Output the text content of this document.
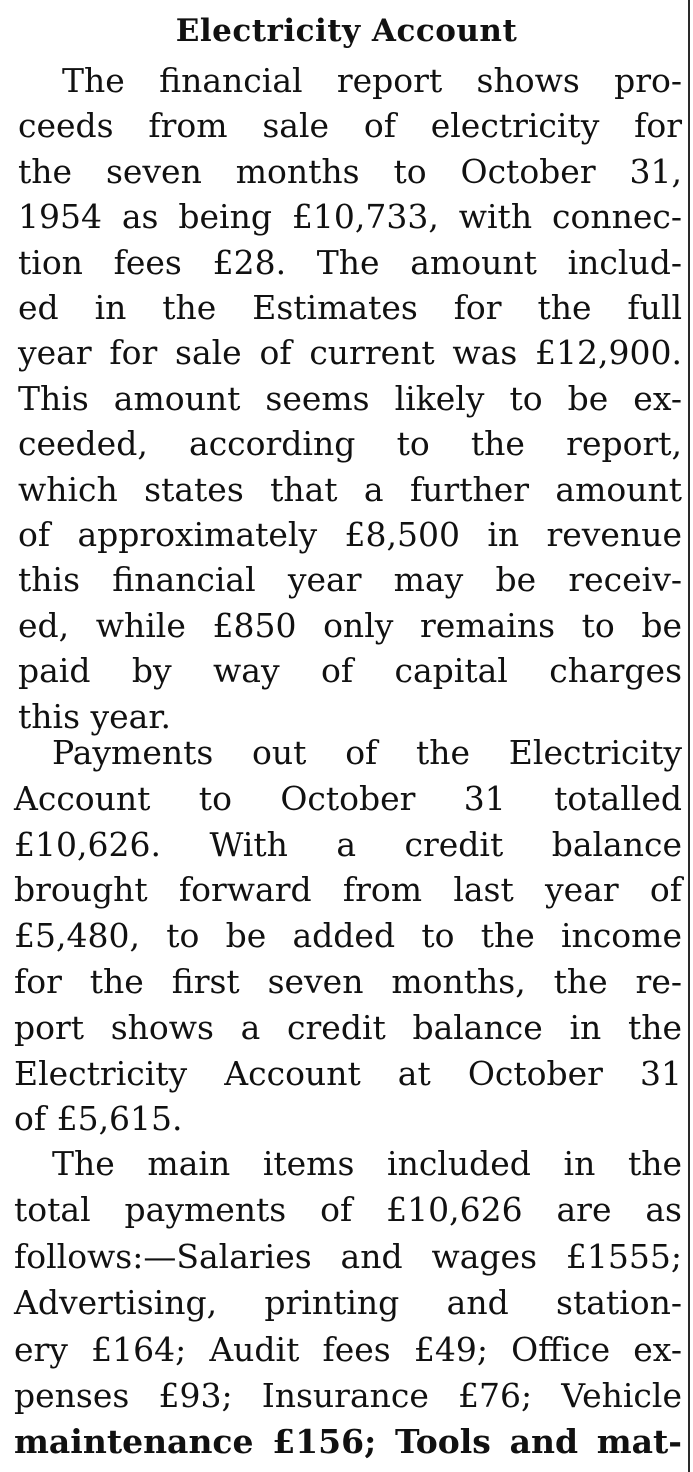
Electricity Account
The financial report shows pro-
ceeds from sale of electricity for
the seven months to October 31,
1954 as being £10,733, with connec-
tion fees £28. The amount includ-
ed in the Estimates for the full
year for sale of current was £12,900.
This amount seems likely to be ex-
ceeded, according to the report,
which states that a further amount
of approximately £8,500 in revenue
this financial year may be receiv-
ed, while £850 only remains to be
paid by way of capital charges
this year.
Payments out of the Electricity
Account to October 31 totalled
£10,626. With a credit balance
brought forward from last year of
£5,480, to be added to the income
for the first seven months, the re-
port shows a credit balance in the
Electricity Account at October 31
of £5,615.
The main items included in the
total payments of £10,626 are as
follows:—Salaries and wages £1555;
Advertising, printing and station-
ery £164; Audit fees £49; Office ex-
penses £93; Insurance £76; Vehicle
maintenance £156; Tools and mat-
